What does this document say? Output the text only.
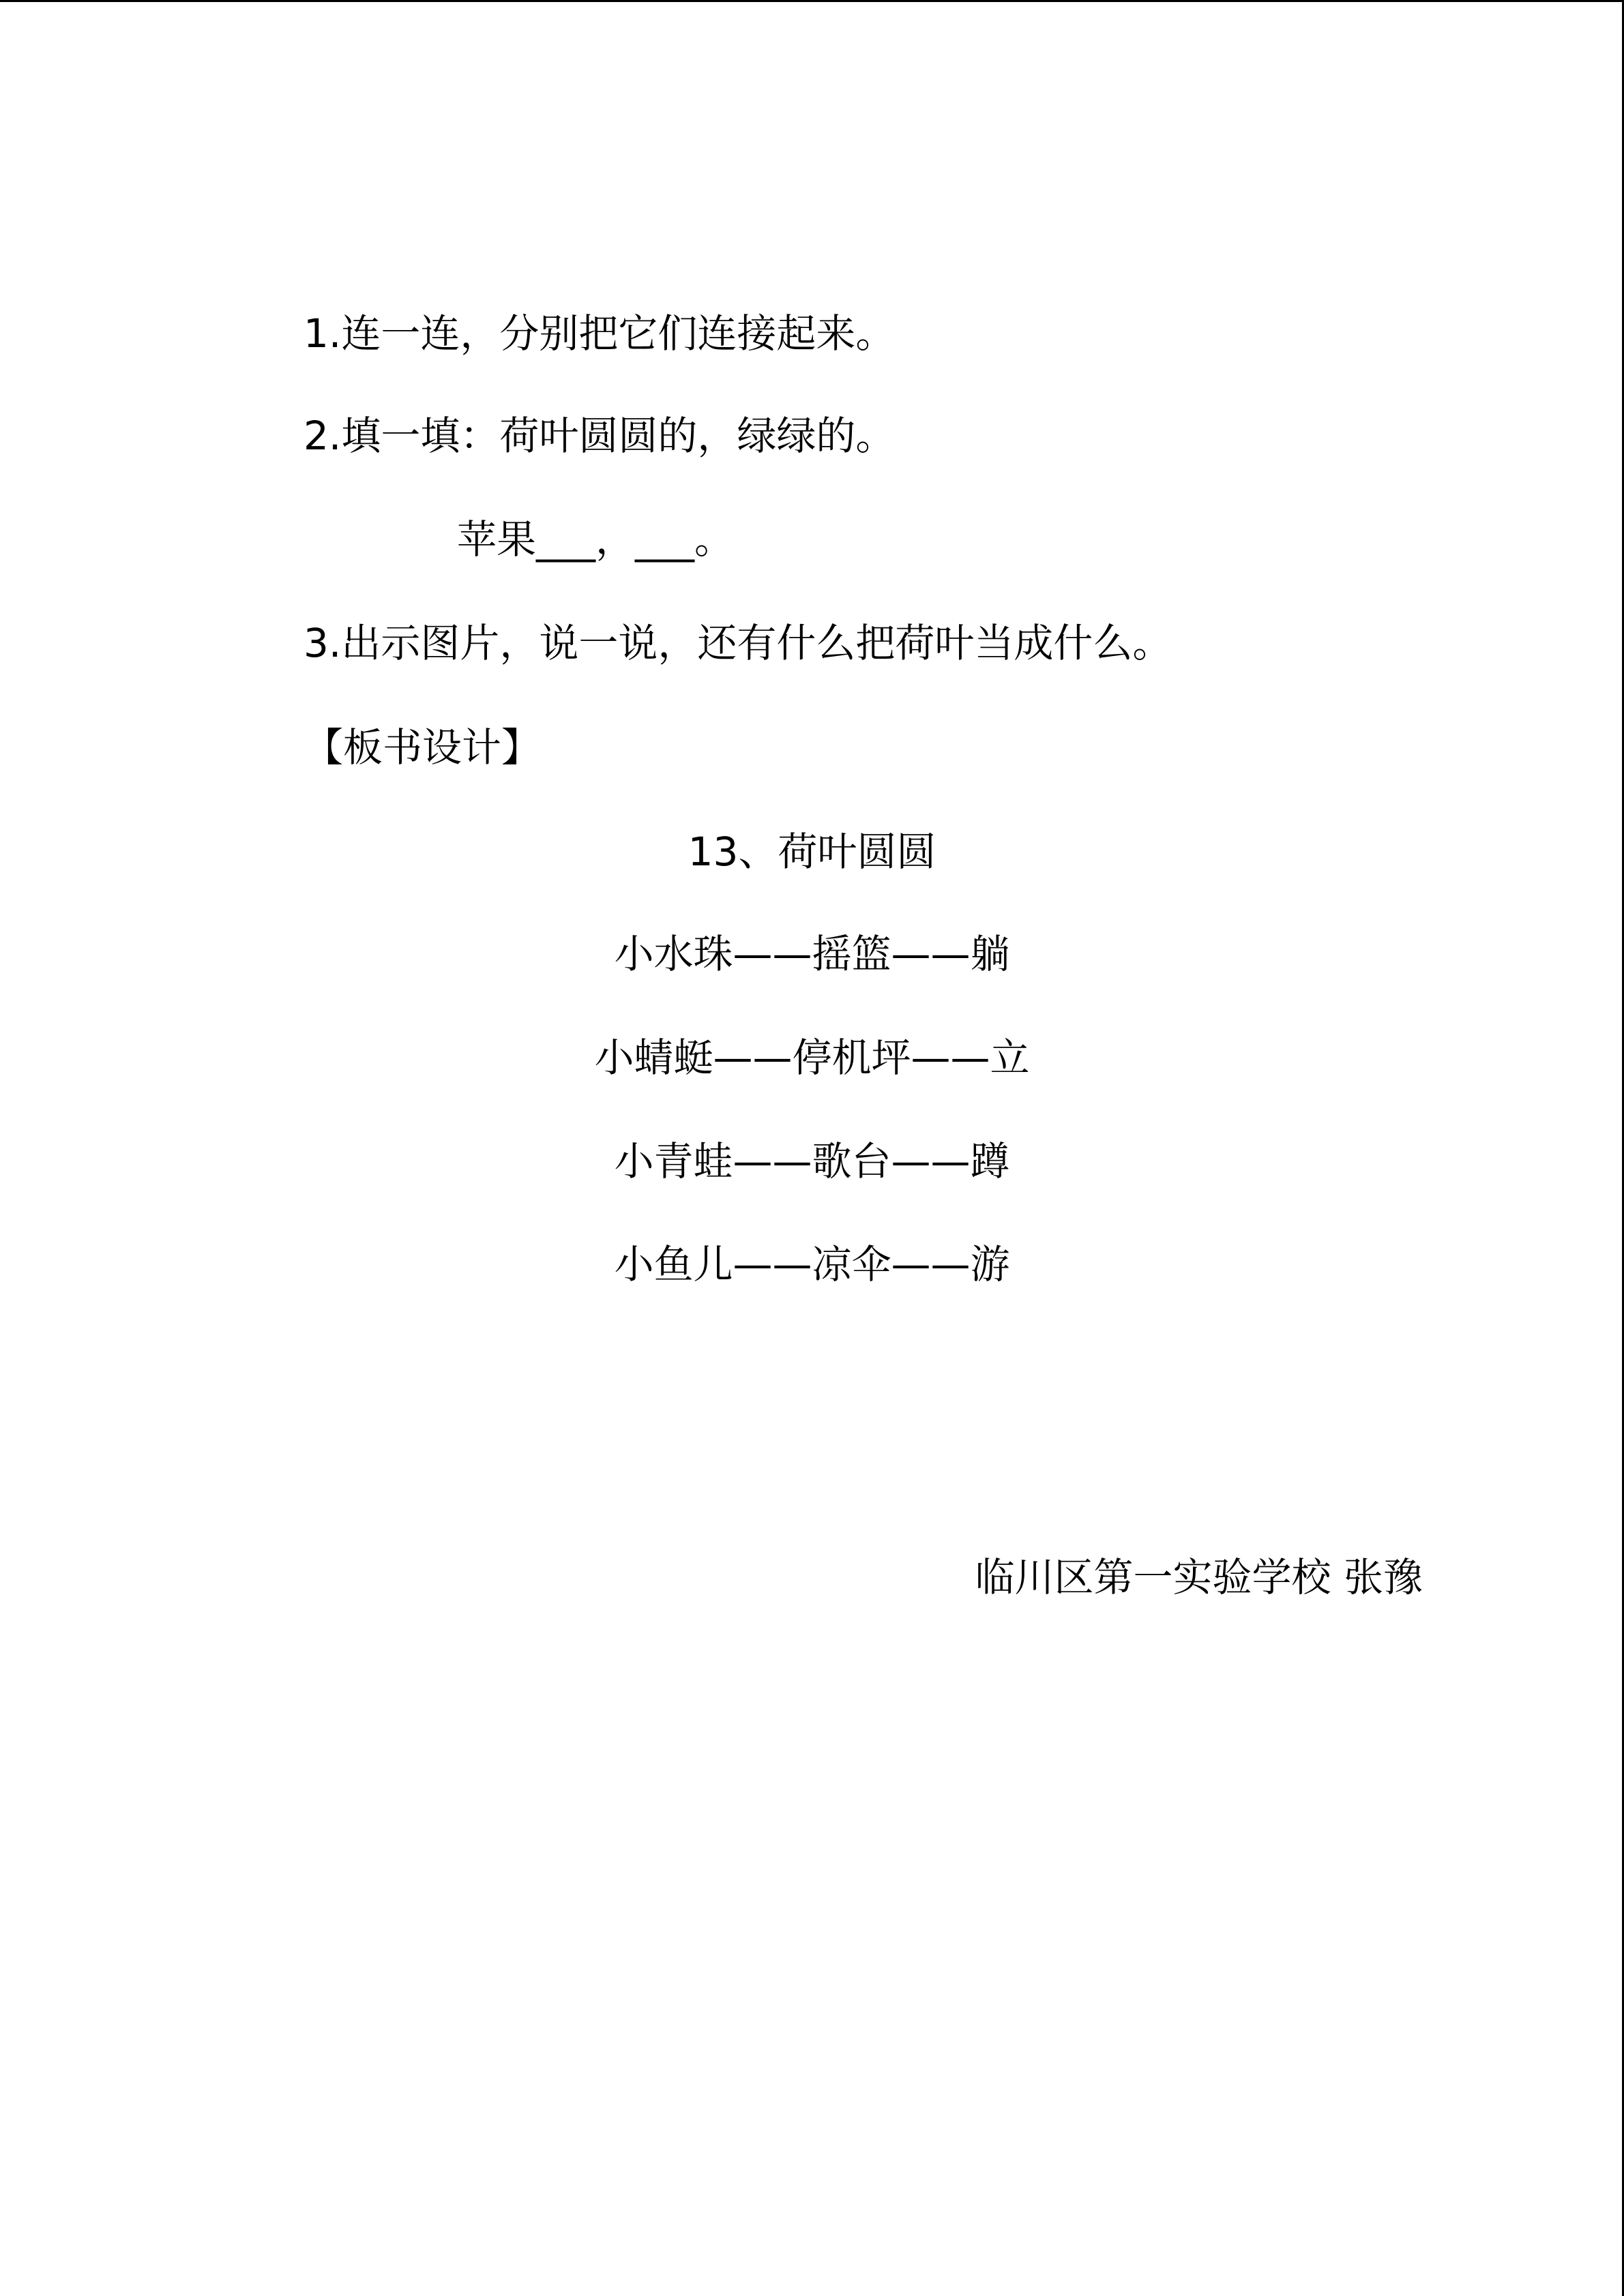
1.连一连，分别把它们连接起来。
2.填一填：荷叶圆圆的，绿绿的。
苹果___，___。
3.出示图片，说一说，还有什么把荷叶当成什么。
【板书设计】
13、荷叶圆圆
小水珠——摇篮——躺
小蜻蜓——停机坪——立
小青蛙——歌台——蹲
小鱼儿——凉伞——游
临川区第一实验学校 张豫
